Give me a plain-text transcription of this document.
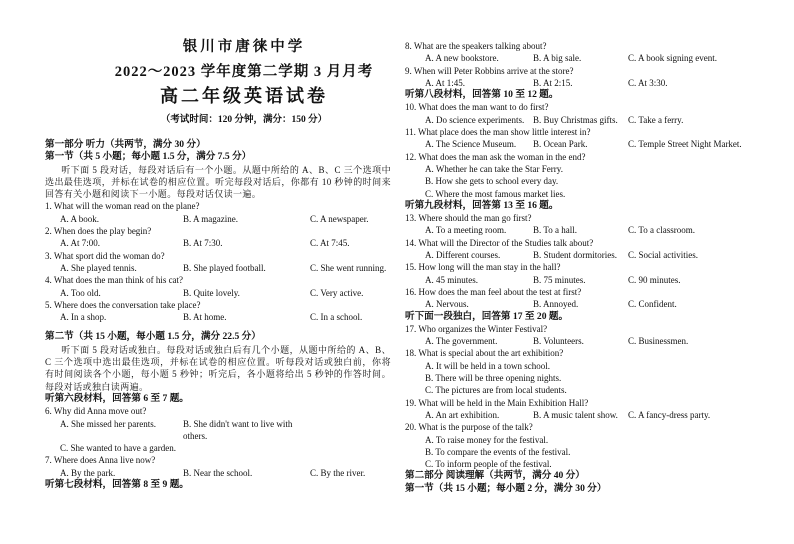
银川市唐徕中学
2022～2023 学年度第二学期 3 月月考
高二年级英语试卷
（考试时间：120 分钟，满分：150 分）
第一部分 听力（共两节，满分 30 分）
第一节（共 5 小题；每小题 1.5 分，满分 7.5 分）
听下面 5 段对话，每段对话后有一个小题。从题中所给的 A、B、C 三个选项中选出最佳选项，并标在试卷的相应位置。听完每段对话后，你都有 10 秒钟的时间来回答有关小题和阅读下一小题。每段对话仅读一遍。
1. What will the woman read on the plane?
A. A book.	B. A magazine.	C. A newspaper.
2. When does the play begin?
A. At 7:00.	B. At 7:30.	C. At 7:45.
3. What sport did the woman do?
A. She played tennis.	B. She played football.	C. She went running.
4. What does the man think of his cat?
A. Too old.	B. Quite lovely.	C. Very active.
5. Where does the conversation take place?
A. In a shop.	B. At home.	C. In a school.
第二节（共 15 小题，每小题 1.5 分，满分 22.5 分）
听下面 5 段对话或独白。每段对话或独白后有几个小题，从题中所给的 A、B、C 三个选项中选出最佳选项，并标在试卷的相应位置。听每段对话或独白前，你将有时间阅读各个小题，每小题 5 秒钟；听完后，各小题将给出 5 秒钟的作答时间。每段对话或独白读两遍。
听第六段材料，回答第 6 至 7 题。
6. Why did Anna move out?
A. She missed her parents.	B. She didn't want to live with others.
C. She wanted to have a garden.
7. Where does Anna live now?
A. By the park.	B. Near the school.	C. By the river.
听第七段材料，回答第 8 至 9 题。
8. What are the speakers talking about?
A. A new bookstore.	B. A big sale.	C. A book signing event.
9. When will Peter Robbins arrive at the store?
A. At 1:45.	B. At 2:15.	C. At 3:30.
听第八段材料，回答第 10 至 12 题。
10. What does the man want to do first?
A. Do science experiments. B. Buy Christmas gifts. C. Take a ferry.
11. What place does the man show little interest in?
A. The Science Museum. B. Ocean Park.	C. Temple Street Night Market.
12. What does the man ask the woman in the end?
A. Whether he can take the Star Ferry.
B. How she gets to school every day.
C. Where the most famous market lies.
听第九段材料，回答第 13 至 16 题。
13. Where should the man go first?
A. To a meeting room.	B. To a hall.	C. To a classroom.
14. What will the Director of the Studies talk about?
A. Different courses.	B. Student dormitories. C. Social activities.
15. How long will the man stay in the hall?
A. 45 minutes.	B. 75 minutes.	C. 90 minutes.
16. How does the man feel about the test at first?
A. Nervous.	B. Annoyed.	C. Confident.
听下面一段独白，回答第 17 至 20 题。
17. Who organizes the Winter Festival?
A. The government.	B. Volunteers.	C. Businessmen.
18. What is special about the art exhibition?
A. It will be held in a town school.
B. There will be three opening nights.
C. The pictures are from local students.
19. What will be held in the Main Exhibition Hall?
A. An art exhibition.	B. A music talent show. C. A fancy-dress party.
20. What is the purpose of the talk?
A. To raise money for the festival.
B. To compare the events of the festival.
C. To inform people of the festival.
第二部分 阅读理解（共两节，满分 40 分）
第一节（共 15 小题；每小题 2 分，满分 30 分）
